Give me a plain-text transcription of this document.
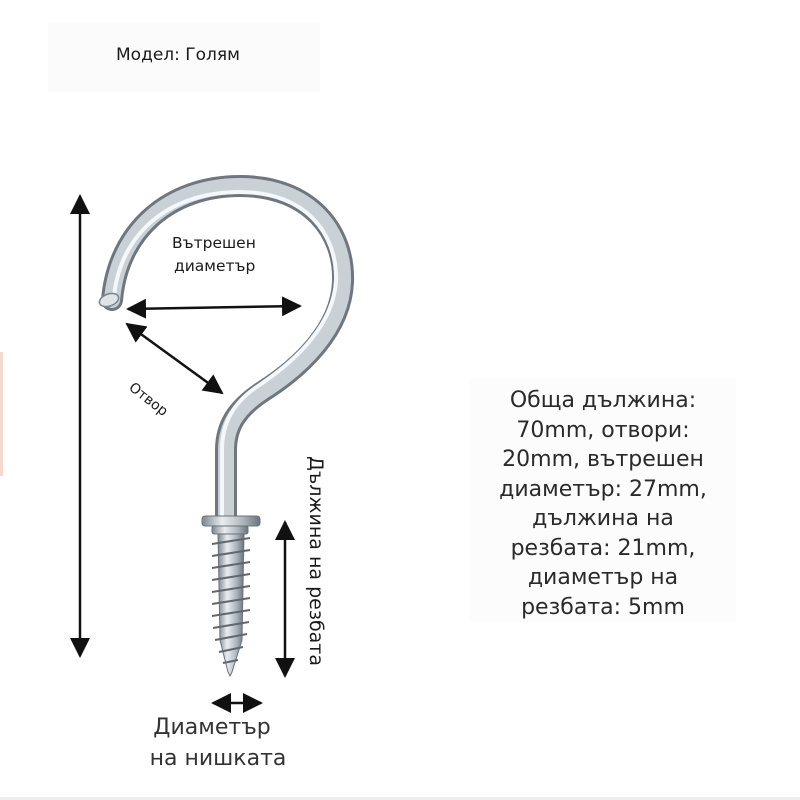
Модел: Голям
Вътрешен
диаметър
Отвор
Дължина на резбата
Диаметър
на нишката
Обща дължина:
70mm, отвори:
20mm, вътрешен
диаметър: 27mm,
дължина на
резбата: 21mm,
диаметър на
резбата: 5mm
